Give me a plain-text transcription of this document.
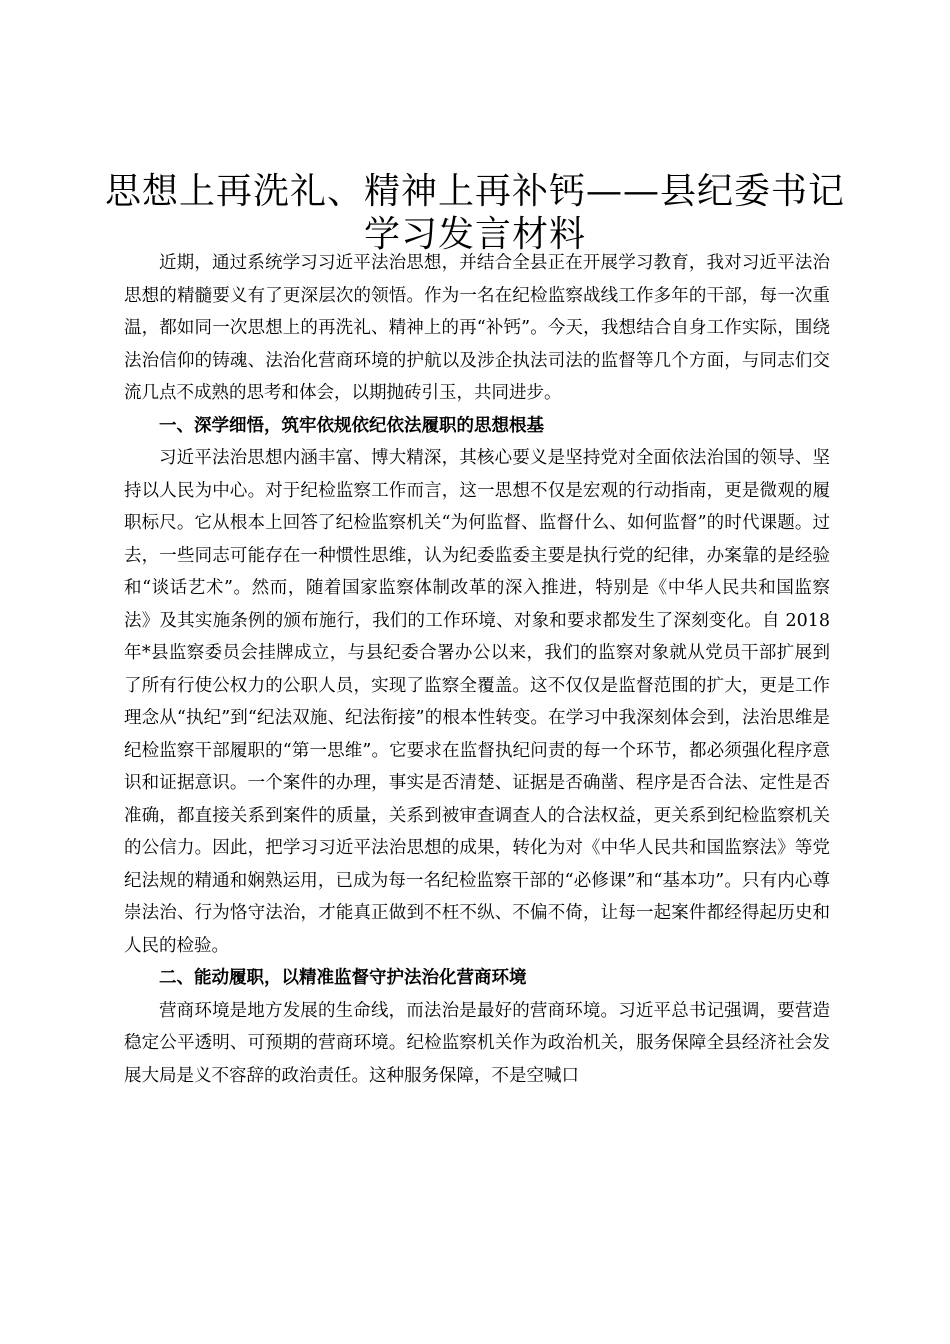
思想上再洗礼、精神上再补钙——县纪委书记
学习发言材料

近期，通过系统学习习近平法治思想，并结合全县正在开展学习教育，我对习近平法治思想的精髓要义有了更深层次的领悟。作为一名在纪检监察战线工作多年的干部，每一次重温，都如同一次思想上的再洗礼、精神上的再“补钙”。今天，我想结合自身工作实际，围绕法治信仰的铸魂、法治化营商环境的护航以及涉企执法司法的监督等几个方面，与同志们交流几点不成熟的思考和体会，以期抛砖引玉，共同进步。

一、深学细悟，筑牢依规依纪依法履职的思想根基

习近平法治思想内涵丰富、博大精深，其核心要义是坚持党对全面依法治国的领导、坚持以人民为中心。对于纪检监察工作而言，这一思想不仅是宏观的行动指南，更是微观的履职标尺。它从根本上回答了纪检监察机关“为何监督、监督什么、如何监督”的时代课题。过去，一些同志可能存在一种惯性思维，认为纪委监委主要是执行党的纪律，办案靠的是经验和“谈话艺术”。然而，随着国家监察体制改革的深入推进，特别是《中华人民共和国监察法》及其实施条例的颁布施行，我们的工作环境、对象和要求都发生了深刻变化。自 2018 年*县监察委员会挂牌成立，与县纪委合署办公以来，我们的监察对象就从党员干部扩展到了所有行使公权力的公职人员，实现了监察全覆盖。这不仅仅是监督范围的扩大，更是工作理念从“执纪”到“纪法双施、纪法衔接”的根本性转变。在学习中我深刻体会到，法治思维是纪检监察干部履职的“第一思维”。它要求在监督执纪问责的每一个环节，都必须强化程序意识和证据意识。一个案件的办理，事实是否清楚、证据是否确凿、程序是否合法、定性是否准确，都直接关系到案件的质量，关系到被审查调查人的合法权益，更关系到纪检监察机关的公信力。因此，把学习习近平法治思想的成果，转化为对《中华人民共和国监察法》等党纪法规的精通和娴熟运用，已成为每一名纪检监察干部的“必修课”和“基本功”。只有内心尊崇法治、行为恪守法治，才能真正做到不枉不纵、不偏不倚，让每一起案件都经得起历史和人民的检验。

二、能动履职，以精准监督守护法治化营商环境

营商环境是地方发展的生命线，而法治是最好的营商环境。习近平总书记强调，要营造稳定公平透明、可预期的营商环境。纪检监察机关作为政治机关，服务保障全县经济社会发展大局是义不容辞的政治责任。这种服务保障，不是空喊口
